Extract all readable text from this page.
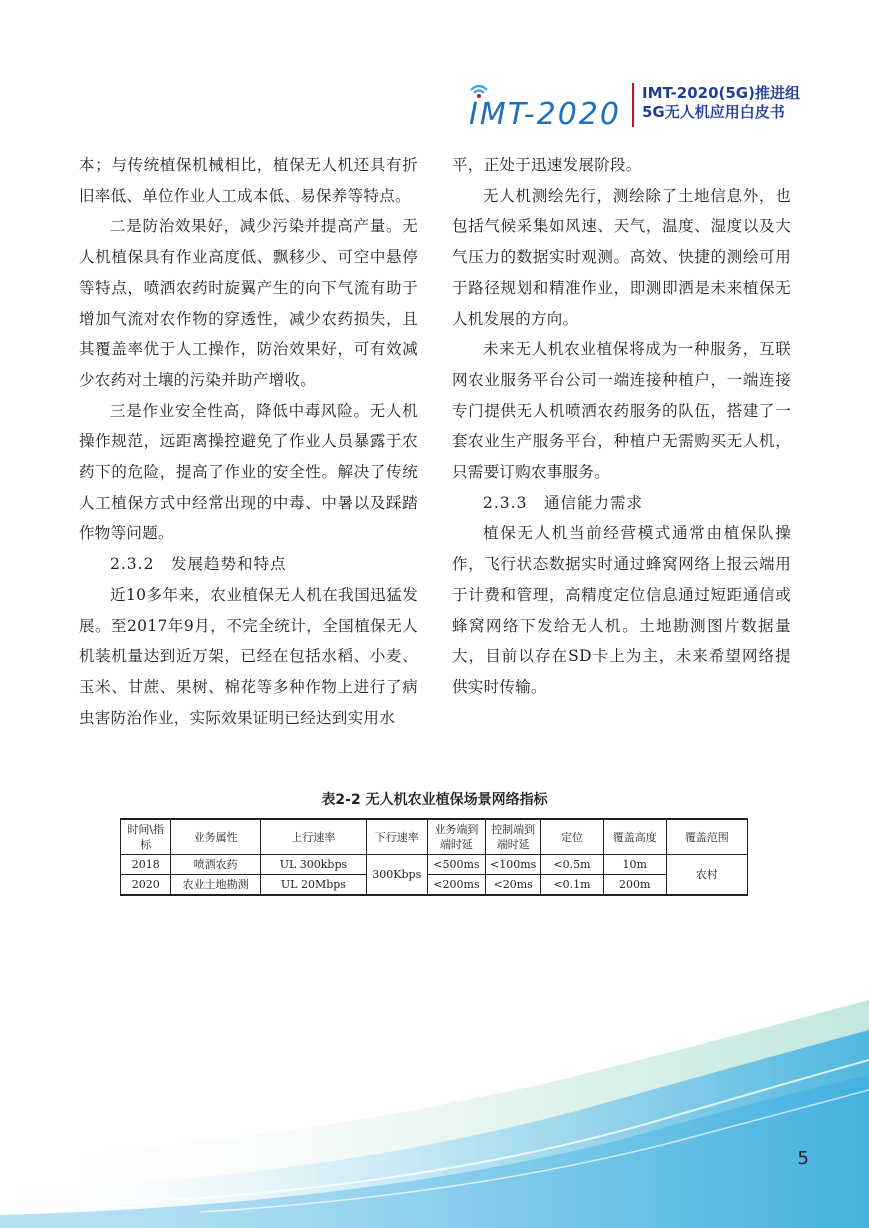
IMT-2020
IMT-2020(5G)推进组
5G无人机应用白皮书

本；与传统植保机械相比，植保无人机还具有折旧率低、单位作业人工成本低、易保养等特点。

二是防治效果好，减少污染并提高产量。无人机植保具有作业高度低、飘移少、可空中悬停等特点，喷洒农药时旋翼产生的向下气流有助于增加气流对农作物的穿透性，减少农药损失，且其覆盖率优于人工操作，防治效果好，可有效减少农药对土壤的污染并助产增收。

三是作业安全性高，降低中毒风险。无人机操作规范，远距离操控避免了作业人员暴露于农药下的危险，提高了作业的安全性。解决了传统人工植保方式中经常出现的中毒、中暑以及踩踏作物等问题。

2.3.2　发展趋势和特点

近10多年来，农业植保无人机在我国迅猛发展。至2017年9月，不完全统计，全国植保无人机装机量达到近万架，已经在包括水稻、小麦、玉米、甘蔗、果树、棉花等多种作物上进行了病虫害防治作业，实际效果证明已经达到实用水

平，正处于迅速发展阶段。

无人机测绘先行，测绘除了土地信息外，也包括气候采集如风速、天气，温度、湿度以及大气压力的数据实时观测。高效、快捷的测绘可用于路径规划和精准作业，即测即洒是未来植保无人机发展的方向。

未来无人机农业植保将成为一种服务，互联网农业服务平台公司一端连接种植户，一端连接专门提供无人机喷洒农药服务的队伍，搭建了一套农业生产服务平台，种植户无需购买无人机，只需要订购农事服务。

2.3.3　通信能力需求

植保无人机当前经营模式通常由植保队操作，飞行状态数据实时通过蜂窝网络上报云端用于计费和管理，高精度定位信息通过短距通信或蜂窝网络下发给无人机。土地勘测图片数据量大，目前以存在SD卡上为主，未来希望网络提供实时传输。

表2-2 无人机农业植保场景网络指标
时间\指标	业务属性	上行速率	下行速率	业务端到端时延	控制端到端时延	定位	覆盖高度	覆盖范围
2018	喷洒农药	UL 300kbps	300Kbps	<500ms	<100ms	<0.5m	10m	农村
2020	农业土地勘测	UL 20Mbps		<200ms	<20ms	<0.1m	200m	
5
